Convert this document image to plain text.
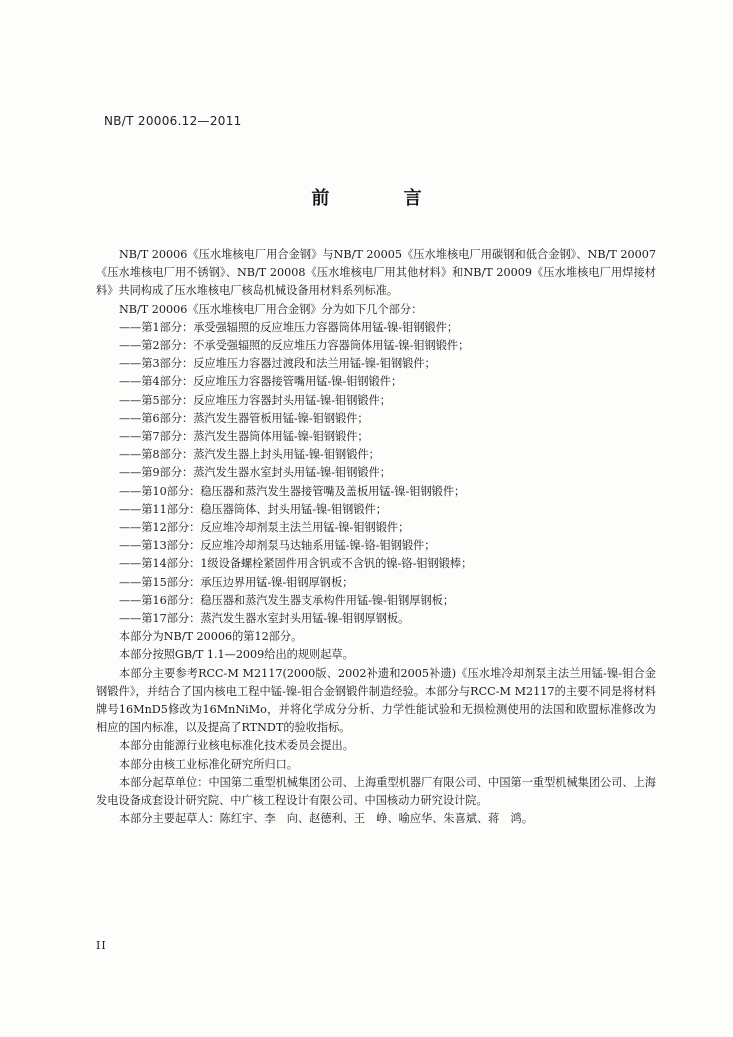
NB/T 20006.12—2011
前 言

NB/T 20006《压水堆核电厂用合金钢》与NB/T 20005《压水堆核电厂用碳钢和低合金钢》、NB/T 20007《压水堆核电厂用不锈钢》、NB/T 20008《压水堆核电厂用其他材料》和NB/T 20009《压水堆核电厂用焊接材料》共同构成了压水堆核电厂核岛机械设备用材料系列标准。

NB/T 20006《压水堆核电厂用合金钢》分为如下几个部分：

——第1部分：承受强辐照的反应堆压力容器筒体用锰-镍-钼钢锻件；

——第2部分：不承受强辐照的反应堆压力容器筒体用锰-镍-钼钢锻件；

——第3部分：反应堆压力容器过渡段和法兰用锰-镍-钼钢锻件；

——第4部分：反应堆压力容器接管嘴用锰-镍-钼钢锻件；

——第5部分：反应堆压力容器封头用锰-镍-钼钢锻件；

——第6部分：蒸汽发生器管板用锰-镍-钼钢锻件；

——第7部分：蒸汽发生器筒体用锰-镍-钼钢锻件；

——第8部分：蒸汽发生器上封头用锰-镍-钼钢锻件；

——第9部分：蒸汽发生器水室封头用锰-镍-钼钢锻件；

——第10部分：稳压器和蒸汽发生器接管嘴及盖板用锰-镍-钼钢锻件；

——第11部分：稳压器筒体、封头用锰-镍-钼钢锻件；

——第12部分：反应堆冷却剂泵主法兰用锰-镍-钼钢锻件；

——第13部分：反应堆冷却剂泵马达轴系用锰-镍-铬-钼钢锻件；

——第14部分：1级设备螺栓紧固件用含钒或不含钒的镍-铬-钼钢锻棒；

——第15部分：承压边界用锰-镍-钼钢厚钢板；

——第16部分：稳压器和蒸汽发生器支承构件用锰-镍-钼钢厚钢板；

——第17部分：蒸汽发生器水室封头用锰-镍-钼钢厚钢板。

本部分为NB/T 20006的第12部分。

本部分按照GB/T 1.1—2009给出的规则起草。

本部分主要参考RCC-M M2117(2000版、2002补遗和2005补遗)《压水堆冷却剂泵主法兰用锰-镍-钼合金钢锻件》，并结合了国内核电工程中锰-镍-钼合金钢锻件制造经验。本部分与RCC-M M2117的主要不同是将材料牌号16MnD5修改为16MnNiMo，并将化学成分分析、力学性能试验和无损检测使用的法国和欧盟标准修改为相应的国内标准，以及提高了RTNDT的验收指标。

本部分由能源行业核电标准化技术委员会提出。

本部分由核工业标准化研究所归口。

本部分起草单位：中国第二重型机械集团公司、上海重型机器厂有限公司、中国第一重型机械集团公司、上海发电设备成套设计研究院、中广核工程设计有限公司、中国核动力研究设计院。

本部分主要起草人：陈红宇、李　向、赵德利、王　峥、喻应华、朱喜斌、蒋　鸿。

II
